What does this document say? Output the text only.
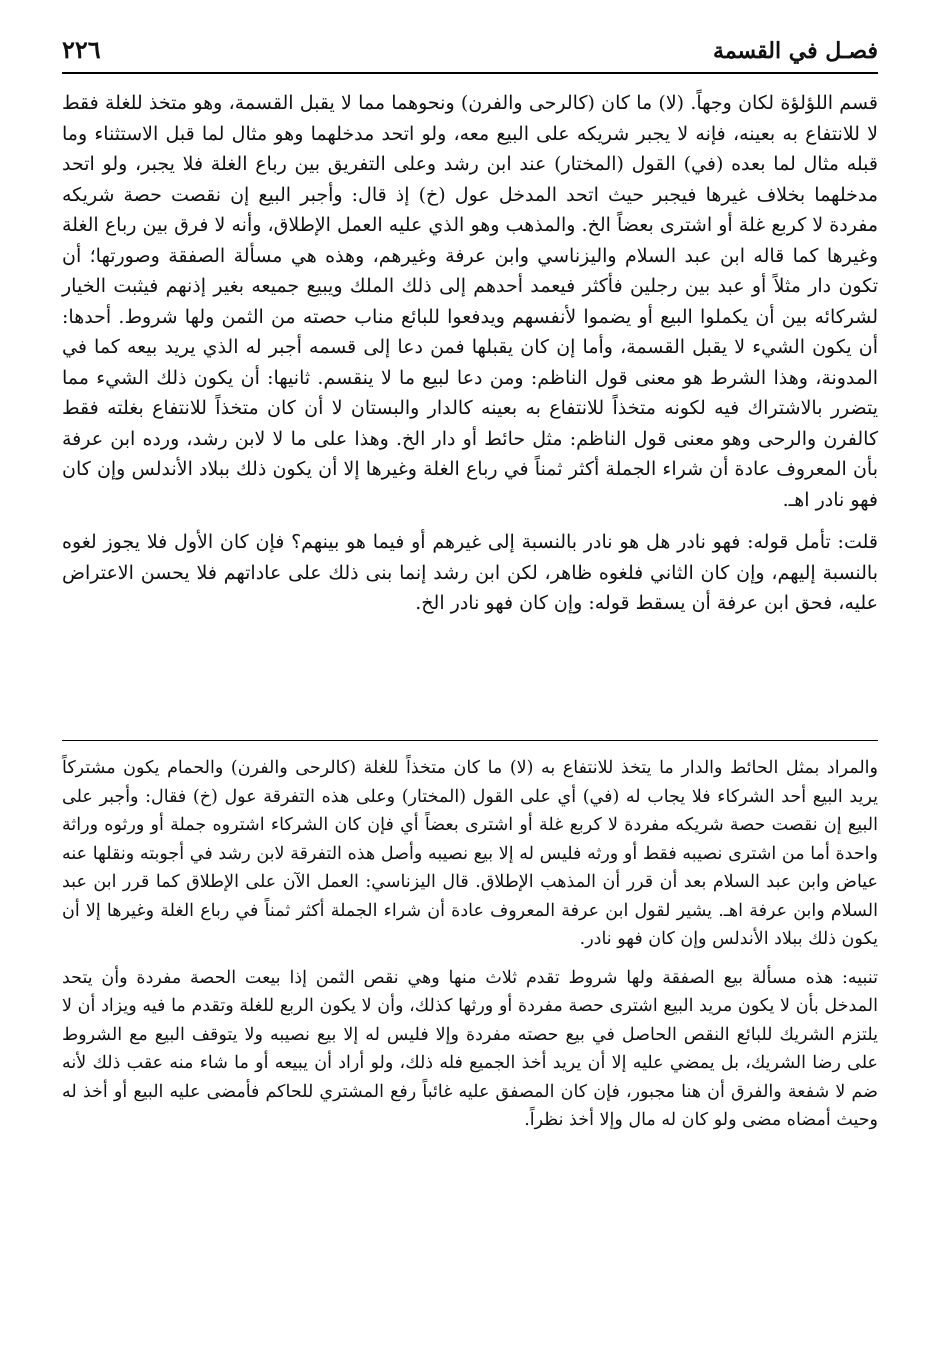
فصـل في القسمة
٢٢٦

قسم اللؤلؤة لكان وجهاً. (لا) ما كان (كالرحى والفرن) ونحوهما مما لا يقبل القسمة، وهو متخذ للغلة فقط لا للانتفاع به بعينه، فإنه لا يجبر شريكه على البيع معه، ولو اتحد مدخلهما وهو مثال لما قبل الاستثناء وما قبله مثال لما بعده (في) القول (المختار) عند ابن رشد وعلى التفريق بين رباع الغلة فلا يجبر، ولو اتحد مدخلهما بخلاف غيرها فيجبر حيث اتحد المدخل عول (خ) إذ قال: وأجبر البيع إن نقصت حصة شريكه مفردة لا كربع غلة أو اشترى بعضاً الخ. والمذهب وهو الذي عليه العمل الإطلاق، وأنه لا فرق بين رباع الغلة وغيرها كما قاله ابن عبد السلام واليزناسي وابن عرفة وغيرهم، وهذه هي مسألة الصفقة وصورتها؛ أن تكون دار مثلاً أو عبد بين رجلين فأكثر فيعمد أحدهم إلى ذلك الملك ويبيع جميعه بغير إذنهم فيثبت الخيار لشركائه بين أن يكملوا البيع أو يضموا لأنفسهم ويدفعوا للبائع مناب حصته من الثمن ولها شروط. أحدها: أن يكون الشيء لا يقبل القسمة، وأما إن كان يقبلها فمن دعا إلى قسمه أجبر له الذي يريد بيعه كما في المدونة، وهذا الشرط هو معنى قول الناظم: ومن دعا لبيع ما لا ينقسم. ثانيها: أن يكون ذلك الشيء مما يتضرر بالاشتراك فيه لكونه متخذاً للانتفاع به بعينه كالدار والبستان لا أن كان متخذاً للانتفاع بغلته فقط كالفرن والرحى وهو معنى قول الناظم: مثل حائط أو دار الخ. وهذا على ما لا لابن رشد، ورده ابن عرفة بأن المعروف عادة أن شراء الجملة أكثر ثمناً في رباع الغلة وغيرها إلا أن يكون ذلك ببلاد الأندلس وإن كان فهو نادر اهـ.

قلت: تأمل قوله: فهو نادر هل هو نادر بالنسبة إلى غيرهم أو فيما هو بينهم؟ فإن كان الأول فلا يجوز لغوه بالنسبة إليهم، وإن كان الثاني فلغوه ظاهر، لكن ابن رشد إنما بنى ذلك على عاداتهم فلا يحسن الاعتراض عليه، فحق ابن عرفة أن يسقط قوله: وإن كان فهو نادر الخ.

والمراد بمثل الحائط والدار ما يتخذ للانتفاع به (لا) ما كان متخذاً للغلة (كالرحى والفرن) والحمام يكون مشتركاً يريد البيع أحد الشركاء فلا يجاب له (في) أي على القول (المختار) وعلى هذه التفرقة عول (خ) فقال: وأجبر على البيع إن نقصت حصة شريكه مفردة لا كربع غلة أو اشترى بعضاً أي فإن كان الشركاء اشتروه جملة أو ورثوه وراثة واحدة أما من اشترى نصيبه فقط أو ورثه فليس له إلا بيع نصيبه وأصل هذه التفرقة لابن رشد في أجوبته ونقلها عنه عياض وابن عبد السلام بعد أن قرر أن المذهب الإطلاق. قال اليزناسي: العمل الآن على الإطلاق كما قرر ابن عبد السلام وابن عرفة اهـ. يشير لقول ابن عرفة المعروف عادة أن شراء الجملة أكثر ثمناً في رباع الغلة وغيرها إلا أن يكون ذلك ببلاد الأندلس وإن كان فهو نادر.

تنبيه: هذه مسألة بيع الصفقة ولها شروط تقدم ثلاث منها وهي نقص الثمن إذا بيعت الحصة مفردة وأن يتحد المدخل بأن لا يكون مريد البيع اشترى حصة مفردة أو ورثها كذلك، وأن لا يكون الربع للغلة وتقدم ما فيه ويزاد أن لا يلتزم الشريك للبائع النقص الحاصل في بيع حصته مفردة وإلا فليس له إلا بيع نصيبه ولا يتوقف البيع مع الشروط على رضا الشريك، بل يمضي عليه إلا أن يريد أخذ الجميع فله ذلك، ولو أراد أن يبيعه أو ما شاء منه عقب ذلك لأنه ضم لا شفعة والفرق أن هنا مجبور، فإن كان المصفق عليه غائباً رفع المشتري للحاكم فأمضى عليه البيع أو أخذ له وحيث أمضاه مضى ولو كان له مال وإلا أخذ نظراً.
